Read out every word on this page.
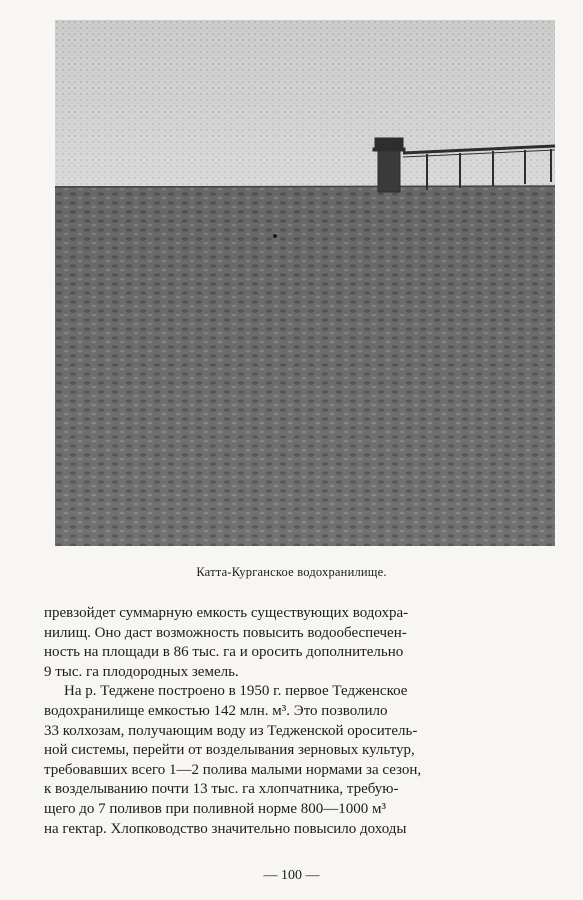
Катта-Курганское водохранилище.
превзойдет суммарную емкость существующих водохра-
нилищ. Оно даст возможность повысить водообеспечен-
ность на площади в 86 тыс. га и оросить дополнительно
9 тыс. га плодородных земель.
На р. Теджене построено в 1950 г. первое Тедженское
водохранилище емкостью 142 млн. м³. Это позволило
33 колхозам, получающим воду из Тедженской ороситель-
ной системы, перейти от возделывания зерновых культур,
требовавших всего 1—2 полива малыми нормами за сезон,
к возделыванию почти 13 тыс. га хлопчатника, требую-
щего до 7 поливов при поливной норме 800—1000 м³
на гектар. Хлопководство значительно повысило доходы
— 100 —
